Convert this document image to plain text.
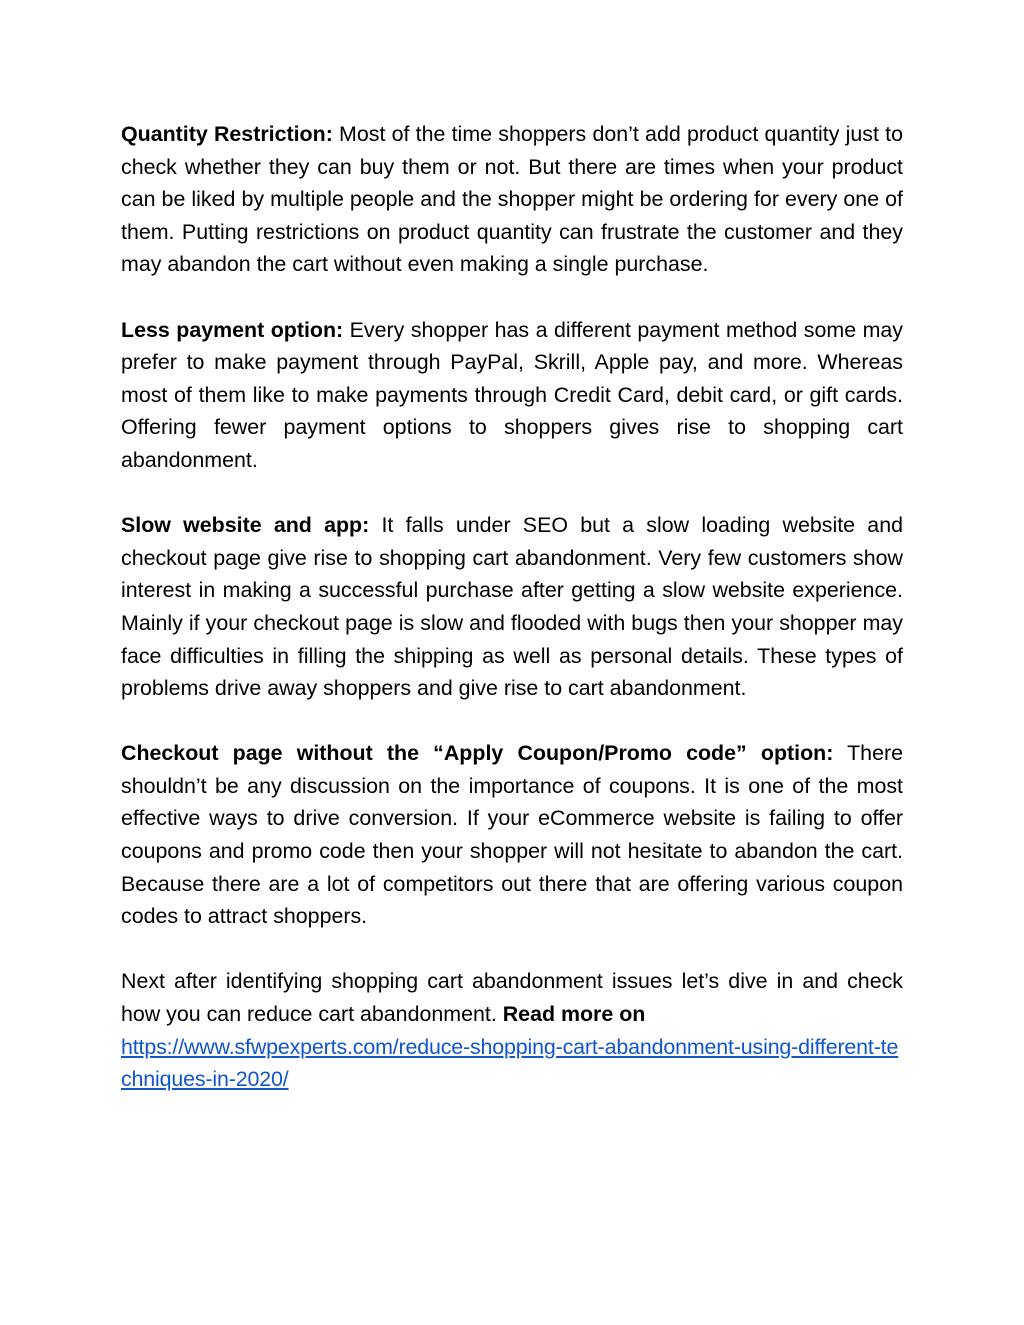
Quantity Restriction: Most of the time shoppers don’t add product quantity just to check whether they can buy them or not. But there are times when your product can be liked by multiple people and the shopper might be ordering for every one of them. Putting restrictions on product quantity can frustrate the customer and they may abandon the cart without even making a single purchase.

Less payment option: Every shopper has a different payment method some may prefer to make payment through PayPal, Skrill, Apple pay, and more. Whereas most of them like to make payments through Credit Card, debit card, or gift cards. Offering fewer payment options to shoppers gives rise to shopping cart abandonment.

Slow website and app: It falls under SEO but a slow loading website and checkout page give rise to shopping cart abandonment. Very few customers show interest in making a successful purchase after getting a slow website experience. Mainly if your checkout page is slow and flooded with bugs then your shopper may face difficulties in filling the shipping as well as personal details. These types of problems drive away shoppers and give rise to cart abandonment.

Checkout page without the “Apply Coupon/Promo code” option: There shouldn’t be any discussion on the importance of coupons. It is one of the most effective ways to drive conversion. If your eCommerce website is failing to offer coupons and promo code then your shopper will not hesitate to abandon the cart. Because there are a lot of competitors out there that are offering various coupon codes to attract shoppers.

Next after identifying shopping cart abandonment issues let’s dive in and check how you can reduce cart abandonment. Read more on
https://www.sfwpexperts.com/reduce-shopping-cart-abandonment-using-different-techniques-in-2020/
